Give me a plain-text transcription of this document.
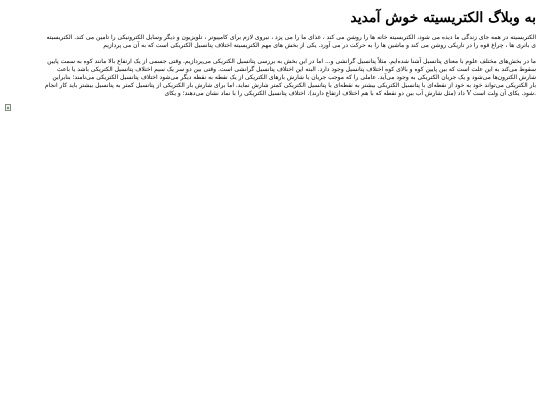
به وبلاگ الکتریسیته خوش آمدید

الکتریسیته در همه جای زندگی ما دیده می شود، الکتریسیته خانه ها را روشن می کند ، غذای ما را می پزد ، نیروی لازم برای کامپیوتر ، تلویزیون و دیگر وسایل الکترونیکی را تامین می کند. الکتریسیته

ی باتری ها ، چراغ قوه را در تاریکی روشن می کند و ماشین ها را به حرکت در می آورد. یکی از بخش های مهم الکتریسیته اختلاف پتانسیل الکتریکی است که به آن می پردازیم

ما در بخش‌های مختلف علوم با معنای پتانسیل آشنا شده‌ایم. مثلاً پتانسیل گرانشی و... اما در این بخش به بررسی پتانسیل الکتریکی می‌پردازیم. وقتی جسمی از یک ارتفاع بالا مانند کوه به سمت پایین

سقوط می‌کند به این علت است که بین پایین کوه و بالای کوه اختلاف پتانسیل وجود دارد. البته این اختلاف پتانسیل گرانشی است. وقتی بین دو سر یک سیم اختلاف پتانسیل الکتریکی باشد یا باعث

شارش الکترون‌ها می‌شود و یک جریان الکتریکی به وجود می‌آید. عاملی را که موجب جریان یا شارش بارهای الکتریکی از یک نقطه به نقطه دیگر می‌شود اختلاف پتانسیل الکتریکی می‌نامند؛ بنابراین

بار الکتریکی می‌تواند خود به خود از نقطه‌ای با پتانسیل الکتریکی بیشتر به نقطه‌ای با پتانسیل الکتریکی کمتر شارش نماید. اما برای شارش بار الکتریکی از پتانسیل کمتر به پتانسیل بیشتر باید کار انجام

.شود. یکای آن ولت است V داد (مثل شارش آب بین دو نقطه که با هم اختلاف ارتفاع دارند). اختلاف پتانسیل الکتریکی را با نماد نشان می‌دهند؛ و یکای
